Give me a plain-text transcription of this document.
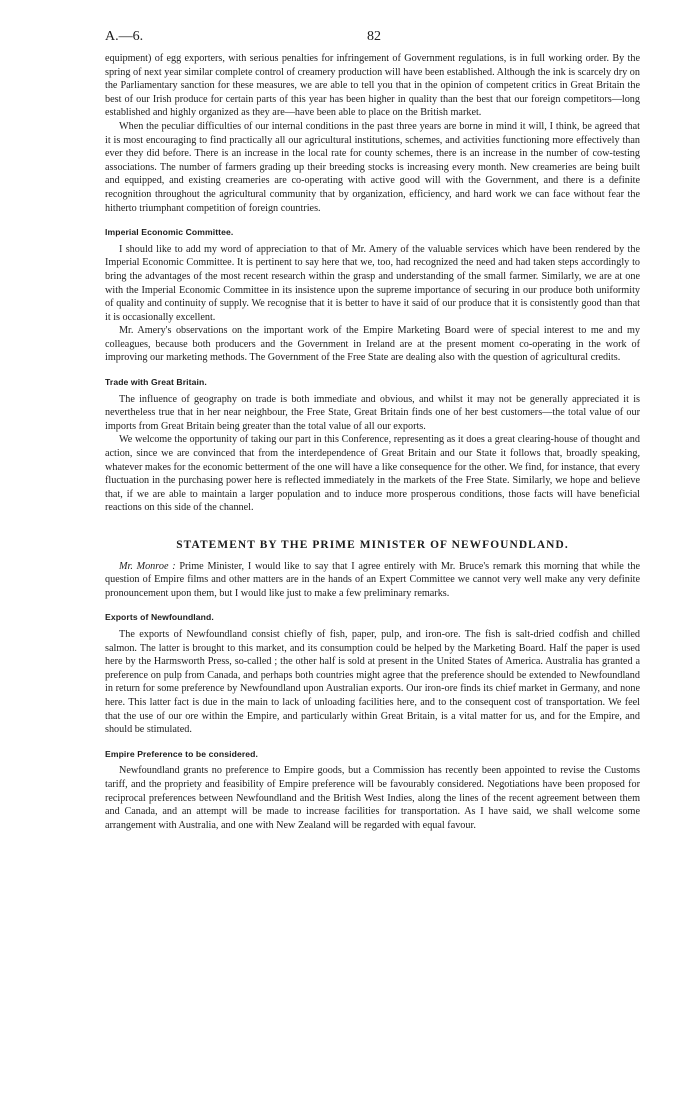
A.—6.	82

equipment) of egg exporters, with serious penalties for infringement of Government regulations, is in full working order. By the spring of next year similar complete control of creamery production will have been established. Although the ink is scarcely dry on the Parliamentary sanction for these measures, we are able to tell you that in the opinion of competent critics in Great Britain the best of our Irish produce for certain parts of this year has been higher in quality than the best that our foreign competitors—long established and highly organized as they are—have been able to place on the British market.

When the peculiar difficulties of our internal conditions in the past three years are borne in mind it will, I think, be agreed that it is most encouraging to find practically all our agricultural institutions, schemes, and activities functioning more effectively than ever they did before. There is an increase in the local rate for county schemes, there is an increase in the number of cow-testing associations. The number of farmers grading up their breeding stocks is increasing every month. New creameries are being built and equipped, and existing creameries are co-operating with active good will with the Government, and there is a definite recognition throughout the agricultural community that by organization, efficiency, and hard work we can face without fear the hitherto triumphant competition of foreign countries.

Imperial Economic Committee.

I should like to add my word of appreciation to that of Mr. Amery of the valuable services which have been rendered by the Imperial Economic Committee. It is pertinent to say here that we, too, had recognized the need and had taken steps accordingly to bring the advantages of the most recent research within the grasp and understanding of the small farmer. Similarly, we are at one with the Imperial Economic Committee in its insistence upon the supreme importance of securing in our produce both uniformity of quality and continuity of supply. We recognise that it is better to have it said of our produce that it is consistently good than that it is occasionally excellent.

Mr. Amery's observations on the important work of the Empire Marketing Board were of special interest to me and my colleagues, because both producers and the Government in Ireland are at the present moment co-operating in the work of improving our marketing methods. The Government of the Free State are dealing also with the question of agricultural credits.

Trade with Great Britain.

The influence of geography on trade is both immediate and obvious, and whilst it may not be generally appreciated it is nevertheless true that in her near neighbour, the Free State, Great Britain finds one of her best customers—the total value of our imports from Great Britain being greater than the total value of all our exports.

We welcome the opportunity of taking our part in this Conference, representing as it does a great clearing-house of thought and action, since we are convinced that from the interdependence of Great Britain and our State it follows that, broadly speaking, whatever makes for the economic betterment of the one will have a like consequence for the other. We find, for instance, that every fluctuation in the purchasing power here is reflected immediately in the markets of the Free State. Similarly, we hope and believe that, if we are able to maintain a larger population and to induce more prosperous conditions, those facts will have beneficial reactions on this side of the channel.

STATEMENT BY THE PRIME MINISTER OF NEWFOUNDLAND.

Mr. Monroe : Prime Minister, I would like to say that I agree entirely with Mr. Bruce's remark this morning that while the question of Empire films and other matters are in the hands of an Expert Committee we cannot very well make any very definite pronouncement upon them, but I would like just to make a few preliminary remarks.

Exports of Newfoundland.

The exports of Newfoundland consist chiefly of fish, paper, pulp, and iron-ore. The fish is salt-dried codfish and chilled salmon. The latter is brought to this market, and its consumption could be helped by the Marketing Board. Half the paper is used here by the Harmsworth Press, so-called ; the other half is sold at present in the United States of America. Australia has granted a preference on pulp from Canada, and perhaps both countries might agree that the preference should be extended to Newfoundland in return for some preference by Newfoundland upon Australian exports. Our iron-ore finds its chief market in Germany, and none here. This latter fact is due in the main to lack of unloading facilities here, and to the consequent cost of transportation. We feel that the use of our ore within the Empire, and particularly within Great Britain, is a vital matter for us, and for the Empire, and should be stimulated.

Empire Preference to be considered.

Newfoundland grants no preference to Empire goods, but a Commission has recently been appointed to revise the Customs tariff, and the propriety and feasibility of Empire preference will be favourably considered. Negotiations have been proposed for reciprocal preferences between Newfoundland and the British West Indies, along the lines of the recent agreement between them and Canada, and an attempt will be made to increase facilities for transportation. As I have said, we shall welcome some arrangement with Australia, and one with New Zealand will be regarded with equal favour.
